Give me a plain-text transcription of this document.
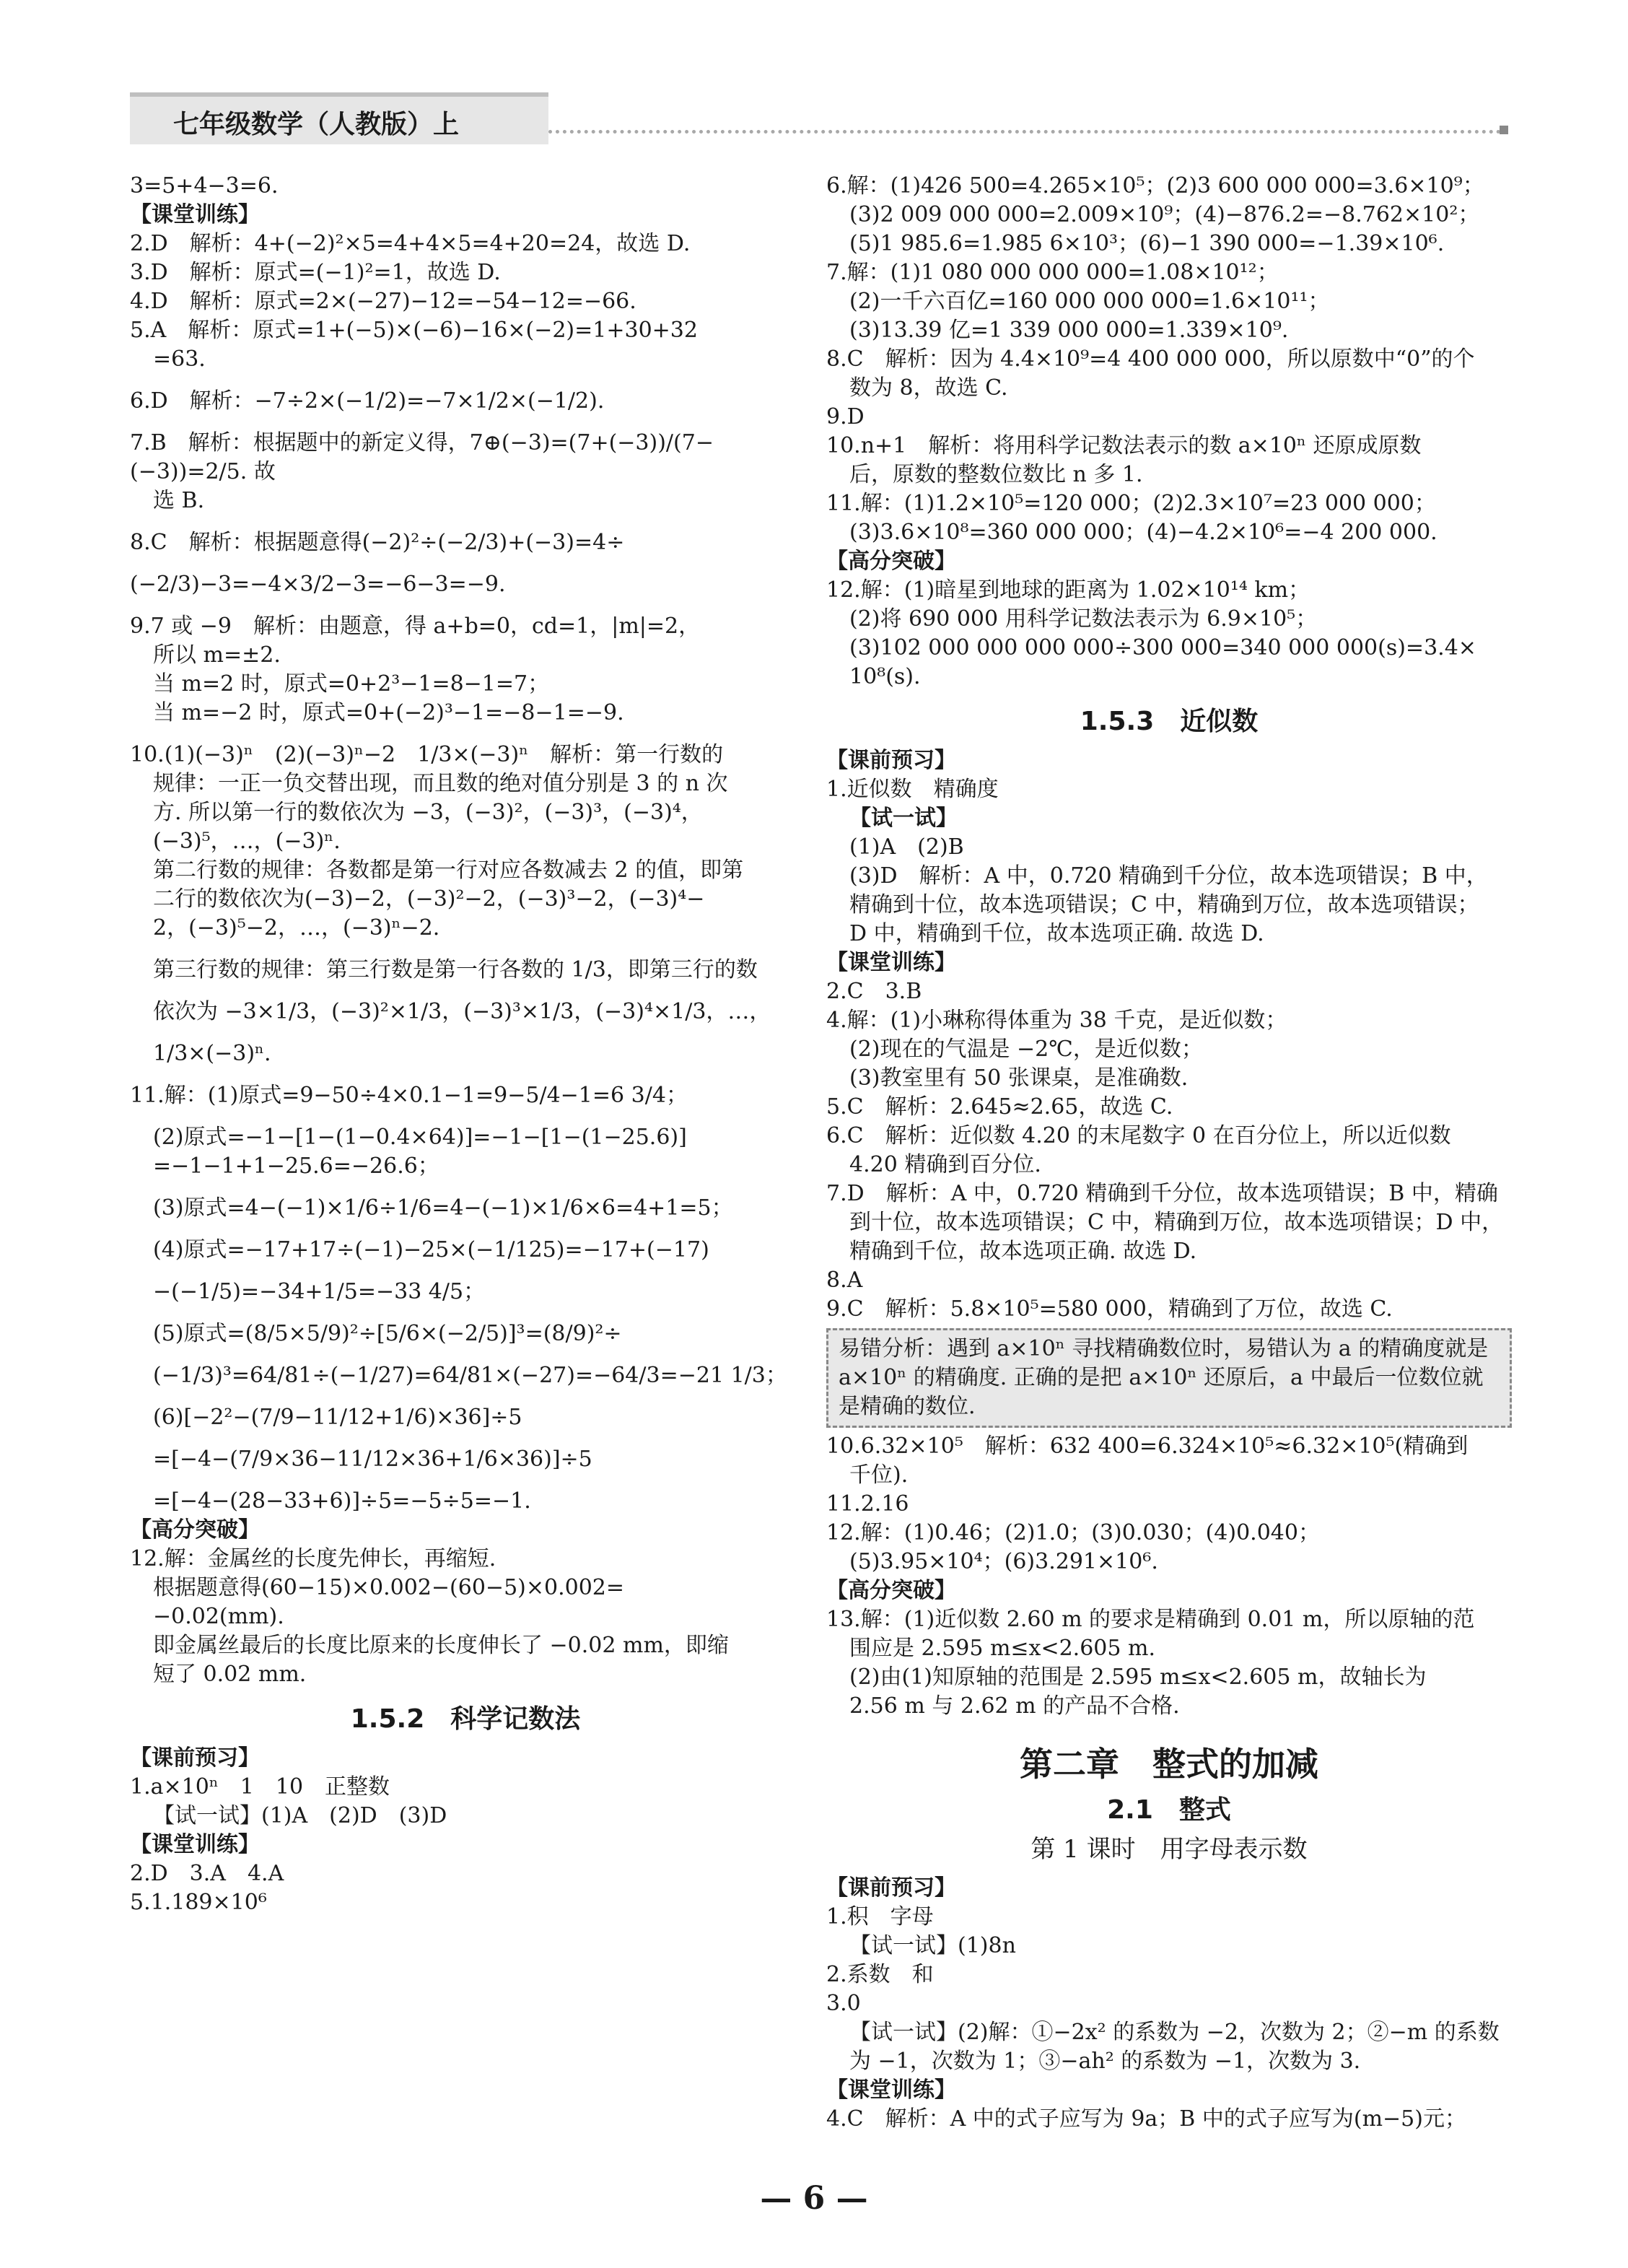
七年级数学（人教版）上
3=5+4−3=6.
【课堂训练】
2.D　解析：4+(−2)²×5=4+4×5=4+20=24，故选 D.
3.D　解析：原式=(−1)²=1，故选 D.
4.D　解析：原式=2×(−27)−12=−54−12=−66.
5.A　解析：原式=1+(−5)×(−6)−16×(−2)=1+30+32
=63.
6.D　解析：−7÷2×(−1/2)=−7×1/2×(−1/2).
7.B　解析：根据题中的新定义得，7⊕(−3)=(7+(−3))/(7−(−3))=2/5. 故
选 B.
8.C　解析：根据题意得(−2)²÷(−2/3)+(−3)=4÷
(−2/3)−3=−4×3/2−3=−6−3=−9.
9.7 或 −9　解析：由题意，得 a+b=0，cd=1，|m|=2，
所以 m=±2.
当 m=2 时，原式=0+2³−1=8−1=7；
当 m=−2 时，原式=0+(−2)³−1=−8−1=−9.
10.(1)(−3)ⁿ　(2)(−3)ⁿ−2　1/3×(−3)ⁿ　解析：第一行数的
规律：一正一负交替出现，而且数的绝对值分别是 3 的 n 次
方. 所以第一行的数依次为 −3，(−3)²，(−3)³，(−3)⁴，
(−3)⁵，…，(−3)ⁿ.
第二行数的规律：各数都是第一行对应各数减去 2 的值，即第
二行的数依次为(−3)−2，(−3)²−2，(−3)³−2，(−3)⁴−
2，(−3)⁵−2，…，(−3)ⁿ−2.
第三行数的规律：第三行数是第一行各数的 1/3，即第三行的数
依次为 −3×1/3，(−3)²×1/3，(−3)³×1/3，(−3)⁴×1/3，…，
1/3×(−3)ⁿ.
11.解：(1)原式=9−50÷4×0.1−1=9−5/4−1=6 3/4；
(2)原式=−1−[1−(1−0.4×64)]=−1−[1−(1−25.6)]
=−1−1+1−25.6=−26.6；
(3)原式=4−(−1)×1/6÷1/6=4−(−1)×1/6×6=4+1=5；
(4)原式=−17+17÷(−1)−25×(−1/125)=−17+(−17)
−(−1/5)=−34+1/5=−33 4/5；
(5)原式=(8/5×5/9)²÷[5/6×(−2/5)]³=(8/9)²÷
(−1/3)³=64/81÷(−1/27)=64/81×(−27)=−64/3=−21 1/3；
(6)[−2²−(7/9−11/12+1/6)×36]÷5
=[−4−(7/9×36−11/12×36+1/6×36)]÷5
=[−4−(28−33+6)]÷5=−5÷5=−1.
【高分突破】
12.解：金属丝的长度先伸长，再缩短.
根据题意得(60−15)×0.002−(60−5)×0.002=
−0.02(mm).
即金属丝最后的长度比原来的长度伸长了 −0.02 mm，即缩
短了 0.02 mm.
1.5.2　科学记数法
【课前预习】
1.a×10ⁿ　1　10　正整数
【试一试】(1)A　(2)D　(3)D
【课堂训练】
2.D　3.A　4.A
5.1.189×10⁶
6.解：(1)426 500=4.265×10⁵；(2)3 600 000 000=3.6×10⁹；
(3)2 009 000 000=2.009×10⁹；(4)−876.2=−8.762×10²；
(5)1 985.6=1.985 6×10³；(6)−1 390 000=−1.39×10⁶.
7.解：(1)1 080 000 000 000=1.08×10¹²；
(2)一千六百亿=160 000 000 000=1.6×10¹¹；
(3)13.39 亿=1 339 000 000=1.339×10⁹.
8.C　解析：因为 4.4×10⁹=4 400 000 000，所以原数中“0”的个
数为 8，故选 C.
9.D
10.n+1　解析：将用科学记数法表示的数 a×10ⁿ 还原成原数
后，原数的整数位数比 n 多 1.
11.解：(1)1.2×10⁵=120 000；(2)2.3×10⁷=23 000 000；
(3)3.6×10⁸=360 000 000；(4)−4.2×10⁶=−4 200 000.
【高分突破】
12.解：(1)暗星到地球的距离为 1.02×10¹⁴ km；
(2)将 690 000 用科学记数法表示为 6.9×10⁵；
(3)102 000 000 000 000÷300 000=340 000 000(s)=3.4×
10⁸(s).
1.5.3　近似数
【课前预习】
1.近似数　精确度
【试一试】
(1)A　(2)B
(3)D　解析：A 中，0.720 精确到千分位，故本选项错误；B 中，
精确到十位，故本选项错误；C 中，精确到万位，故本选项错误；
D 中，精确到千位，故本选项正确. 故选 D.
【课堂训练】
2.C　3.B
4.解：(1)小琳称得体重为 38 千克，是近似数；
(2)现在的气温是 −2℃，是近似数；
(3)教室里有 50 张课桌，是准确数.
5.C　解析：2.645≈2.65，故选 C.
6.C　解析：近似数 4.20 的末尾数字 0 在百分位上，所以近似数
4.20 精确到百分位.
7.D　解析：A 中，0.720 精确到千分位，故本选项错误；B 中，精确
到十位，故本选项错误；C 中，精确到万位，故本选项错误；D 中，
精确到千位，故本选项正确. 故选 D.
8.A
9.C　解析：5.8×10⁵=580 000，精确到了万位，故选 C.
易错分析：遇到 a×10ⁿ 寻找精确数位时，易错认为 a 的精确度就是 a×10ⁿ 的精确度. 正确的是把 a×10ⁿ 还原后，a 中最后一位数位就是精确的数位.
10.6.32×10⁵　解析：632 400=6.324×10⁵≈6.32×10⁵(精确到
千位).
11.2.16
12.解：(1)0.46；(2)1.0；(3)0.030；(4)0.040；
(5)3.95×10⁴；(6)3.291×10⁶.
【高分突破】
13.解：(1)近似数 2.60 m 的要求是精确到 0.01 m，所以原轴的范
围应是 2.595 m≤x<2.605 m.
(2)由(1)知原轴的范围是 2.595 m≤x<2.605 m，故轴长为
2.56 m 与 2.62 m 的产品不合格.
第二章　整式的加减
2.1　整式
第 1 课时　用字母表示数
【课前预习】
1.积　字母
【试一试】(1)8n
2.系数　和
3.0
【试一试】(2)解：①−2x² 的系数为 −2，次数为 2；②−m 的系数
为 −1，次数为 1；③−ah² 的系数为 −1，次数为 3.
【课堂训练】
4.C　解析：A 中的式子应写为 9a；B 中的式子应写为(m−5)元；
— 6 —
